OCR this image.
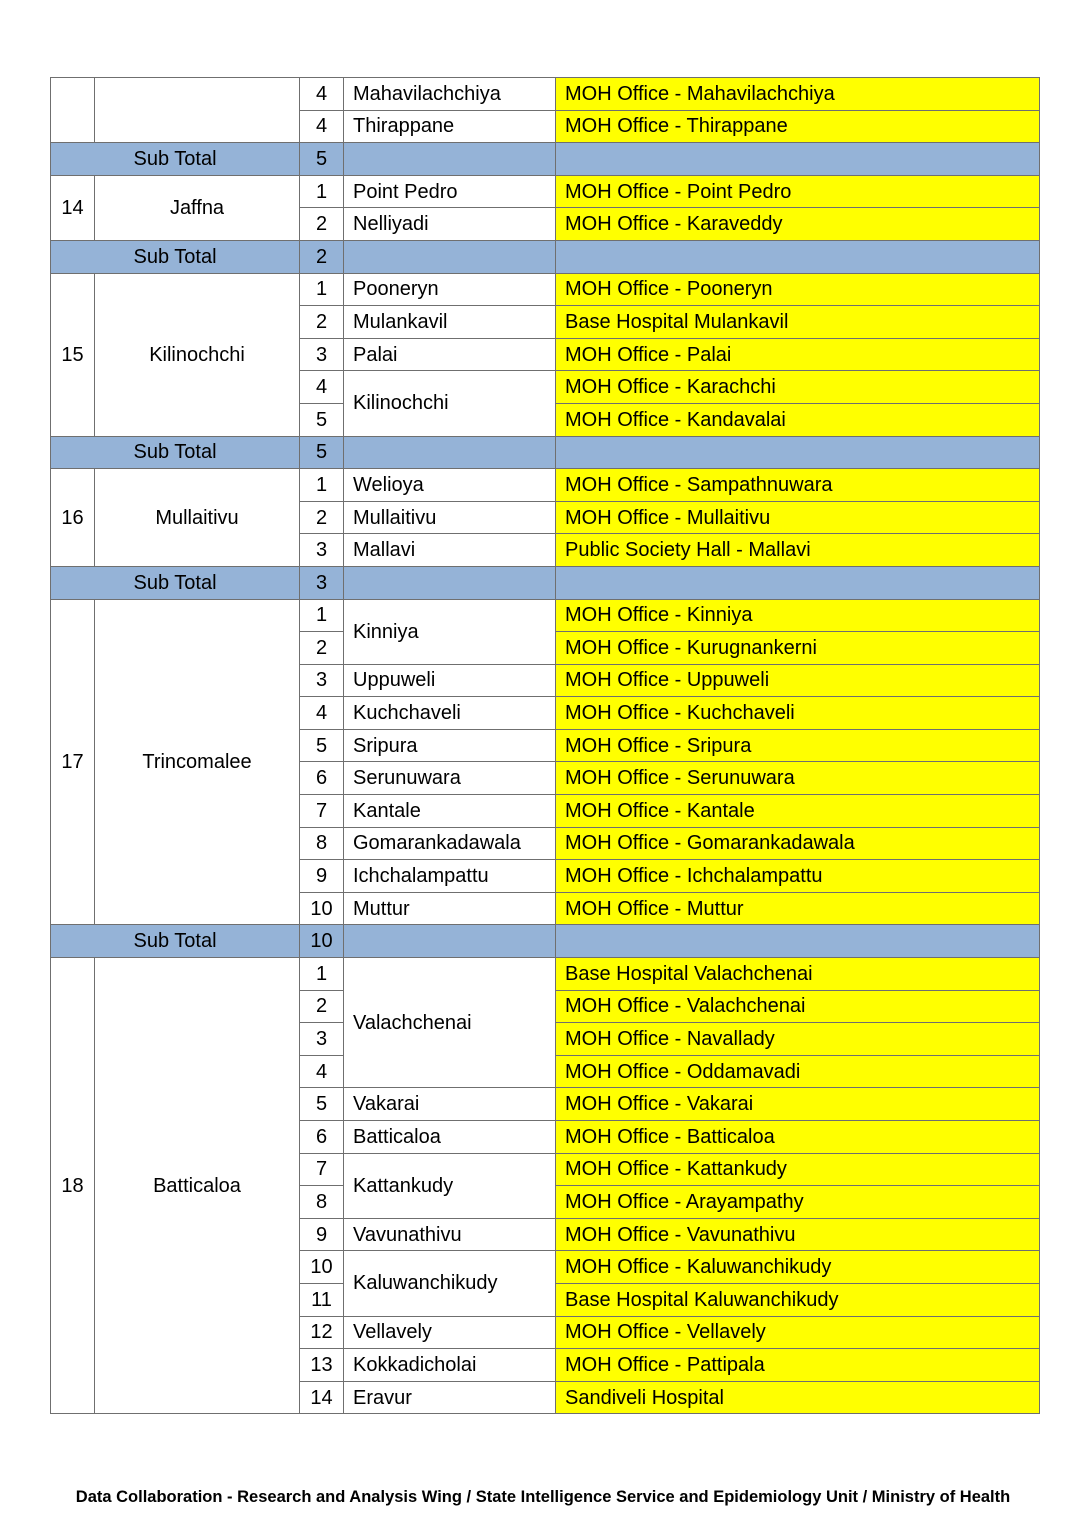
		4	Mahavilachchiya	MOH Office - Mahavilachchiya
		4	Thirappane	MOH Office - Thirappane
Sub Total		5		
14	Jaffna	1	Point Pedro	MOH Office - Point Pedro
		2	Nelliyadi	MOH Office - Karaveddy
Sub Total		2		
15	Kilinochchi	1	Pooneryn	MOH Office - Pooneryn
		2	Mulankavil	Base Hospital Mulankavil
		3	Palai	MOH Office - Palai
		4	Kilinochchi	MOH Office - Karachchi
		5		MOH Office - Kandavalai
Sub Total		5		
16	Mullaitivu	1	Welioya	MOH Office - Sampathnuwara
		2	Mullaitivu	MOH Office - Mullaitivu
		3	Mallavi	Public Society Hall - Mallavi
Sub Total		3		
17	Trincomalee	1	Kinniya	MOH Office - Kinniya
		2		MOH Office - Kurugnankerni
		3	Uppuweli	MOH Office - Uppuweli
		4	Kuchchaveli	MOH Office - Kuchchaveli
		5	Sripura	MOH Office - Sripura
		6	Serunuwara	MOH Office - Serunuwara
		7	Kantale	MOH Office - Kantale
		8	Gomarankadawala	MOH Office - Gomarankadawala
		9	Ichchalampattu	MOH Office - Ichchalampattu
		10	Muttur	MOH Office - Muttur
Sub Total		10		
18	Batticaloa	1	Valachchenai	Base Hospital Valachchenai
		2		MOH Office - Valachchenai
		3		MOH Office - Navallady
		4		MOH Office - Oddamavadi
		5	Vakarai	MOH Office - Vakarai
		6	Batticaloa	MOH Office - Batticaloa
		7	Kattankudy	MOH Office - Kattankudy
		8		MOH Office - Arayampathy
		9	Vavunathivu	MOH Office - Vavunathivu
		10	Kaluwanchikudy	MOH Office - Kaluwanchikudy
		11		Base Hospital Kaluwanchikudy
		12	Vellavely	MOH Office - Vellavely
		13	Kokkadicholai	MOH Office - Pattipala
		14	Eravur	Sandiveli Hospital
Data Collaboration - Research and Analysis Wing / State Intelligence Service and Epidemiology Unit / Ministry of Health
